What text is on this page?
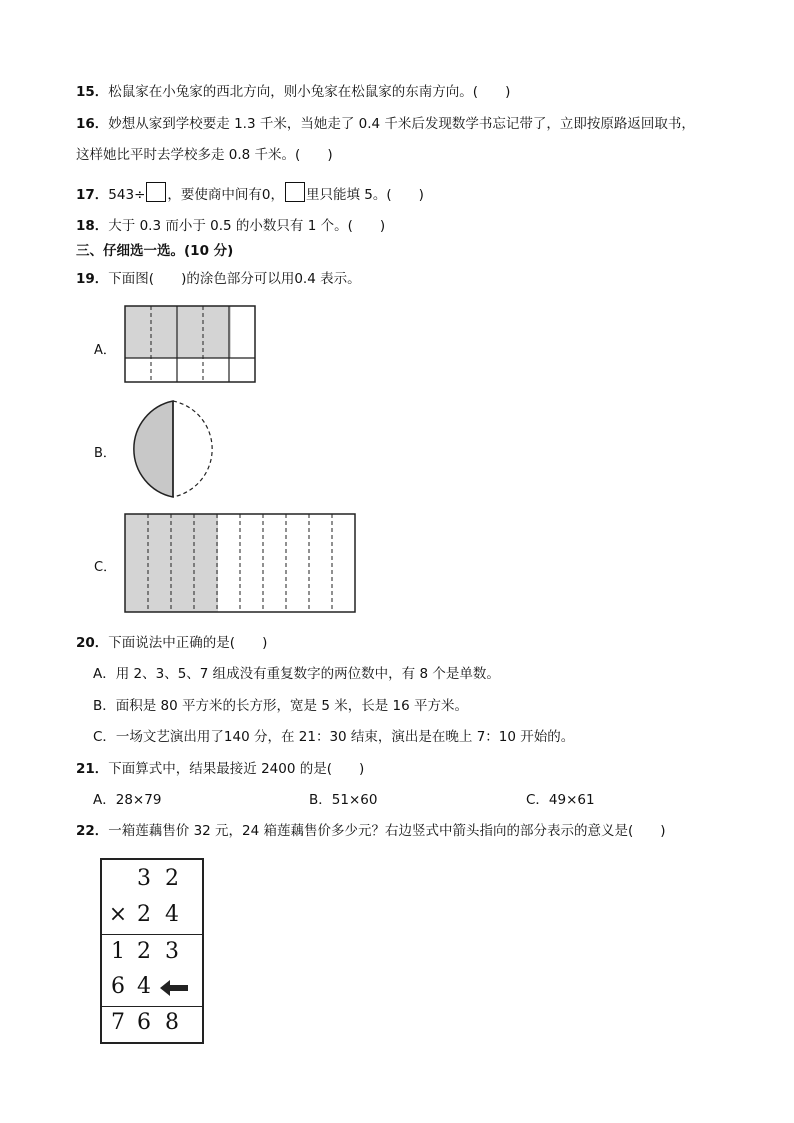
15．松鼠家在小兔家的西北方向，则小兔家在松鼠家的东南方向。(　　)
16．妙想从家到学校要走 1.3 千米，当她走了 0.4 千米后发现数学书忘记带了，立即按原路返回取书，
这样她比平时去学校多走 0.8 千米。(　　)
17．543÷ ，要使商中间有0， 里只能填 5。(　　)
18．大于 0.3 而小于 0.5 的小数只有 1 个。(　　)
三、仔细选一选。(10 分)
19．下面图(　　)的涂色部分可以用0.4 表示。
A．
B．
C．
20．下面说法中正确的是(　　)
A．用 2、3、5、7 组成没有重复数字的两位数中，有 8 个是单数。
B．面积是 80 平方米的长方形，宽是 5 米，长是 16 平方米。
C．一场文艺演出用了140 分，在 21：30 结束，演出是在晚上 7：10 开始的。
21．下面算式中，结果最接近 2400 的是(　　)
A．28×79	B．51×60	C．49×61
22．一箱莲藕售价 32 元，24 箱莲藕售价多少元？右边竖式中箭头指向的部分表示的意义是(　　)
3 2
× 2 4
1 2 3
6 4
7 6 8
